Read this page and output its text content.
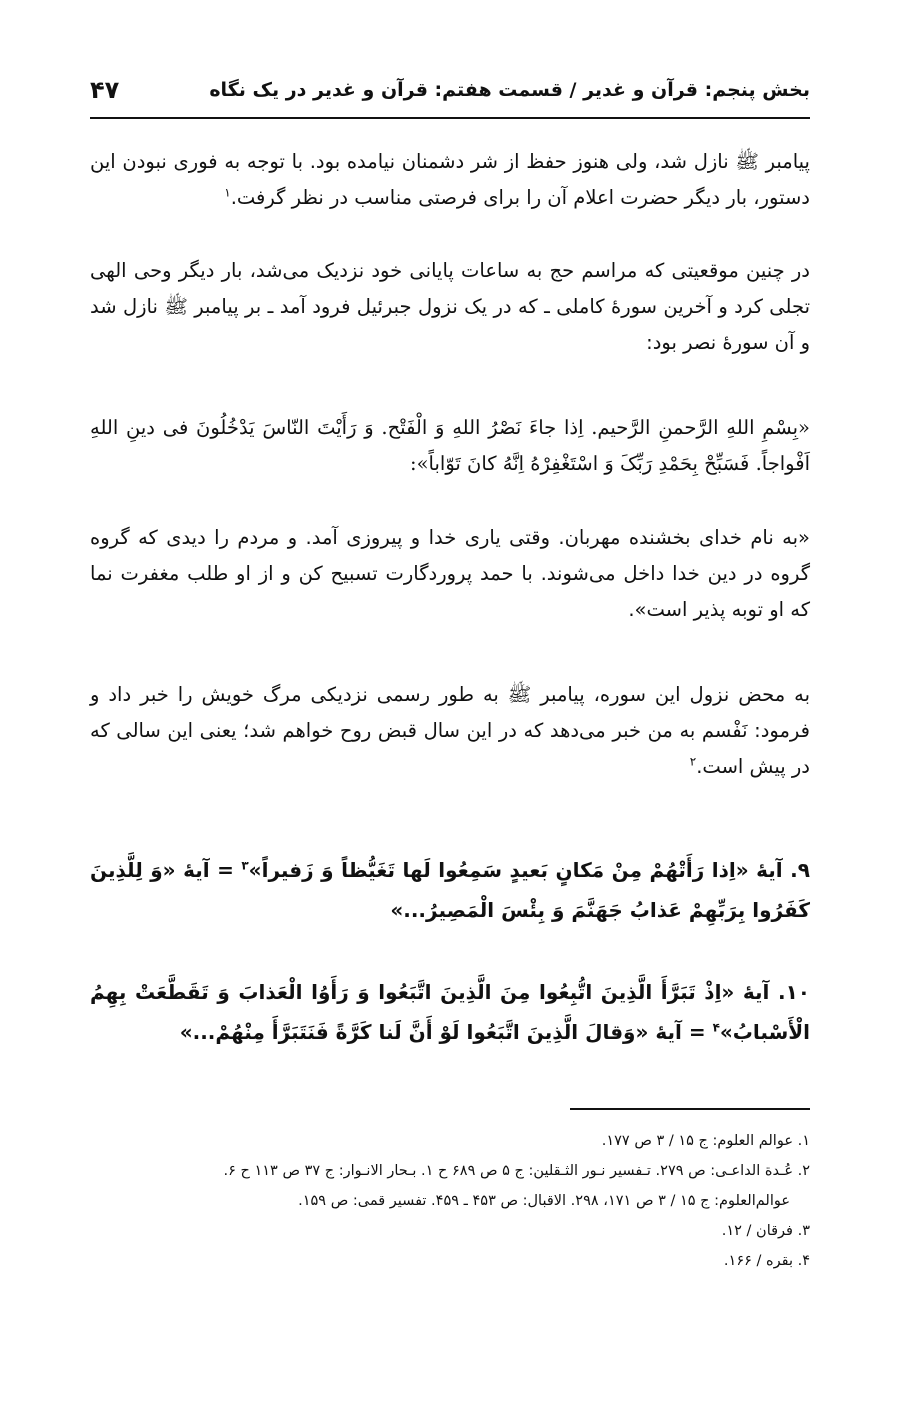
بخش پنجم: قرآن و غدیر / قسمت هفتم: قرآن و غدیر در یک نگاه
۴۷

پیامبر ﷺ نازل شد، ولی هنوز حفظ از شر دشمنان نیامده بود. با توجه به فوری نبودن این دستور، بار دیگر حضرت اعلام آن را برای فرصتی مناسب در نظر گرفت.$^۱$

در چنین موقعیتی که مراسم حج به ساعات پایانی خود نزدیک می‌شد، بار دیگر وحی الهی تجلی کرد و آخرین سورهٔ کاملی ـ که در یک نزول جبرئیل فرود آمد ـ بر پیامبر ﷺ نازل شد و آن سورهٔ نصر بود:

«بِسْمِ اللهِ الرَّحمنِ الرَّحیم. اِذا جاءَ نَصْرُ اللهِ وَ الْفَتْح. وَ رَأَیْتَ النّاسَ یَدْخُلُونَ فی دینِ اللهِ اَفْواجاً. فَسَبِّحْ بِحَمْدِ رَبِّکَ وَ اسْتَغْفِرْهُ اِنَّهُ کانَ تَوّاباً»:

«به نام خدای بخشنده مهربان. وقتی یاری خدا و پیروزی آمد. و مردم را دیدی که گروه گروه در دین خدا داخل می‌شوند. با حمد پروردگارت تسبیح کن و از او طلب مغفرت نما که او توبه پذیر است».

به محض نزول این سوره، پیامبر ﷺ به طور رسمی نزدیکی مرگ خویش را خبر داد و فرمود: نَفْسم به من خبر می‌دهد که در این سال قبض روح خواهم شد؛ یعنی این سالی که در پیش است.$^۲$

۹. آیهٔ «اِذا رَأَتْهُمْ مِنْ مَکانٍ بَعیدٍ سَمِعُوا لَها تَغَیُّظاً وَ زَفیراً»$^۳$ = آیهٔ «وَ لِلَّذِینَ کَفَرُوا بِرَبِّهِمْ عَذابُ جَهَنَّمَ وَ بِئْسَ الْمَصِیرُ...»

۱۰. آیهٔ «اِذْ تَبَرَّأَ الَّذِینَ اتُّبِعُوا مِنَ الَّذِینَ اتَّبَعُوا وَ رَأَوُا الْعَذابَ وَ تَقَطَّعَتْ بِهِمُ الْأَسْبابُ»$^۴$ = آیهٔ «وَقالَ الَّذِینَ اتَّبَعُوا لَوْ أَنَّ لَنا کَرَّةً فَنَتَبَرَّأَ مِنْهُمْ...»

۱. عوالم العلوم: ج ۱۵ / ۳ ص ۱۷۷.

۲. عُـدة الداعـی: ص ۲۷۹. تـفسیر نـور الثـقلین: ج ۵ ص ۶۸۹ ح ۱. بـحار الانـوار: ج ۳۷ ص ۱۱۳ ح ۶.

عوالم‌العلوم: ج ۱۵ / ۳ ص ۱۷۱، ۲۹۸. الاقبال: ص ۴۵۳ ـ ۴۵۹. تفسیر قمی: ص ۱۵۹.

۳. فرقان / ۱۲.

۴. بقره / ۱۶۶.
